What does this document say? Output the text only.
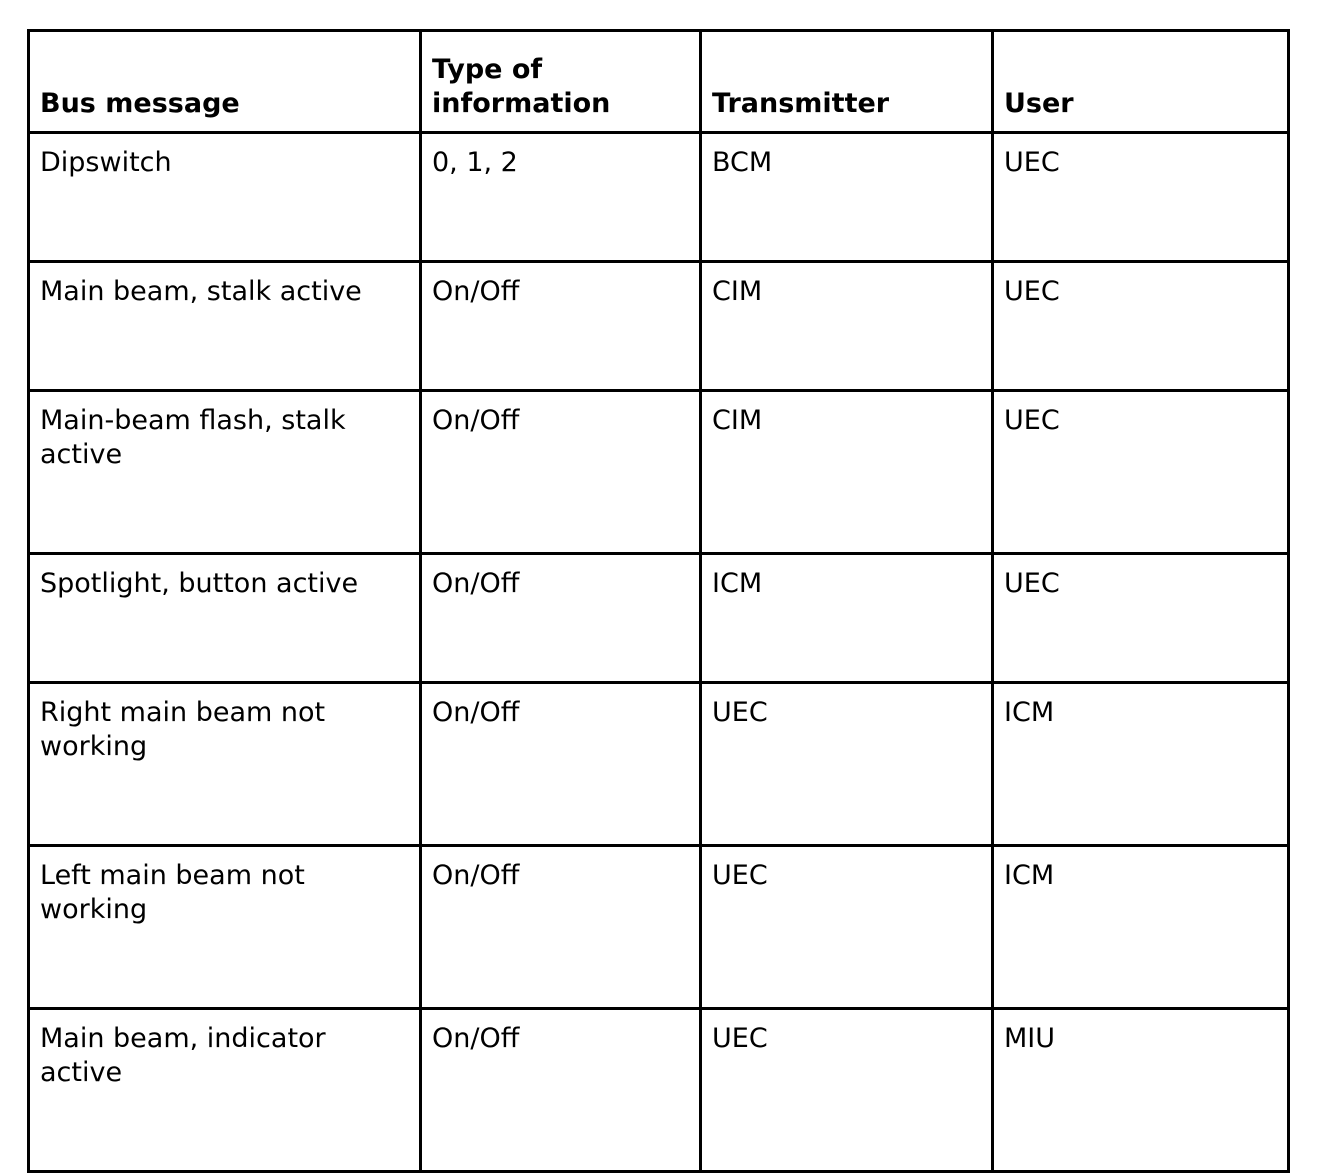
Bus message	Type of information	Transmitter	User
Dipswitch	0, 1, 2	BCM	UEC
Main beam, stalk active	On/Off	CIM	UEC
Main-beam flash, stalk active	On/Off	CIM	UEC
Spotlight, button active	On/Off	ICM	UEC
Right main beam not working	On/Off	UEC	ICM
Left main beam not working	On/Off	UEC	ICM
Main beam, indicator active	On/Off	UEC	MIU
